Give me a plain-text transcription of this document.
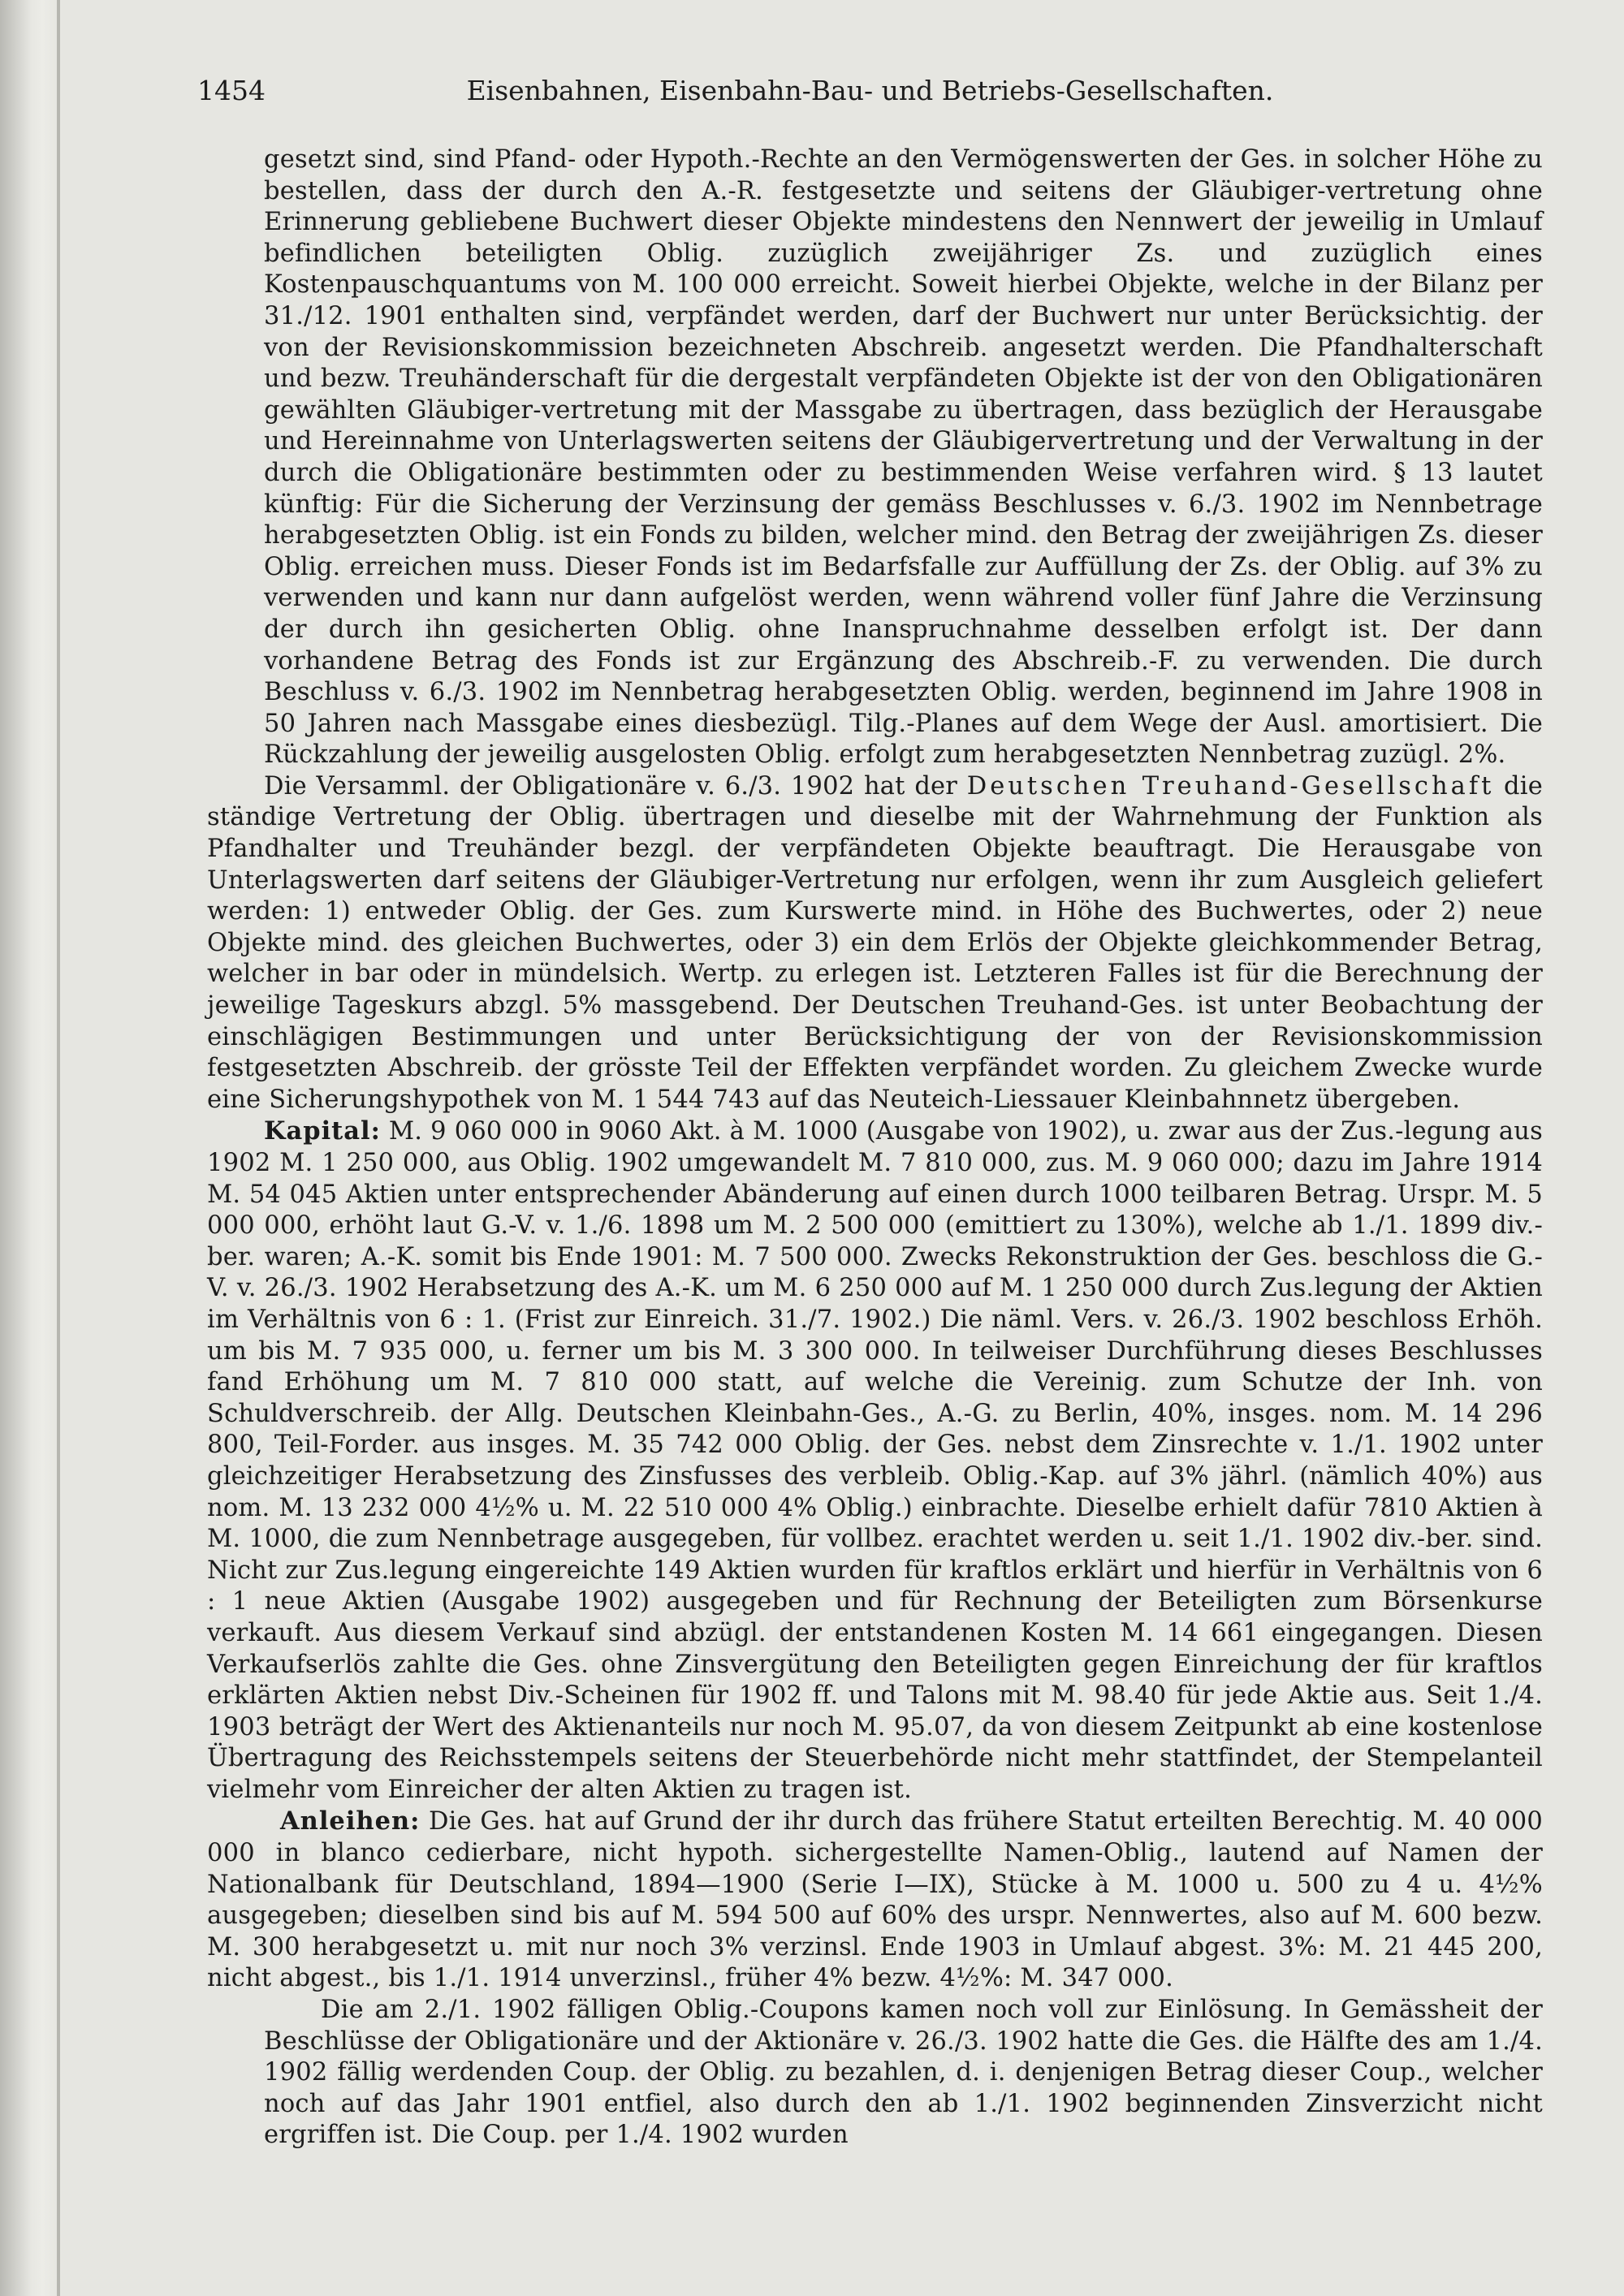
1454	Eisenbahnen, Eisenbahn-Bau- und Betriebs-Gesellschaften.

gesetzt sind, sind Pfand- oder Hypoth.-Rechte an den Vermögenswerten der Ges. in solcher Höhe zu bestellen, dass der durch den A.-R. festgesetzte und seitens der Gläubiger-vertretung ohne Erinnerung gebliebene Buchwert dieser Objekte mindestens den Nennwert der jeweilig in Umlauf befindlichen beteiligten Oblig. zuzüglich zweijähriger Zs. und zuzüglich eines Kostenpauschquantums von M. 100 000 erreicht. Soweit hierbei Objekte, welche in der Bilanz per 31./12. 1901 enthalten sind, verpfändet werden, darf der Buchwert nur unter Berücksichtig. der von der Revisionskommission bezeichneten Abschreib. angesetzt werden. Die Pfandhalterschaft und bezw. Treuhänderschaft für die dergestalt verpfändeten Objekte ist der von den Obligationären gewählten Gläubiger-vertretung mit der Massgabe zu übertragen, dass bezüglich der Herausgabe und Hereinnahme von Unterlagswerten seitens der Gläubigervertretung und der Verwaltung in der durch die Obligationäre bestimmten oder zu bestimmenden Weise verfahren wird. § 13 lautet künftig: Für die Sicherung der Verzinsung der gemäss Beschlusses v. 6./3. 1902 im Nennbetrage herabgesetzten Oblig. ist ein Fonds zu bilden, welcher mind. den Betrag der zweijährigen Zs. dieser Oblig. erreichen muss. Dieser Fonds ist im Bedarfsfalle zur Auffüllung der Zs. der Oblig. auf 3% zu verwenden und kann nur dann aufgelöst werden, wenn während voller fünf Jahre die Verzinsung der durch ihn gesicherten Oblig. ohne Inanspruchnahme desselben erfolgt ist. Der dann vorhandene Betrag des Fonds ist zur Ergänzung des Abschreib.-F. zu verwenden. Die durch Beschluss v. 6./3. 1902 im Nennbetrag herabgesetzten Oblig. werden, beginnend im Jahre 1908 in 50 Jahren nach Massgabe eines diesbezügl. Tilg.-Planes auf dem Wege der Ausl. amortisiert. Die Rückzahlung der jeweilig ausgelosten Oblig. erfolgt zum herabgesetzten Nennbetrag zuzügl. 2%.

Die Versamml. der Obligationäre v. 6./3. 1902 hat der Deutschen Treuhand-Gesellschaft die ständige Vertretung der Oblig. übertragen und dieselbe mit der Wahrnehmung der Funktion als Pfandhalter und Treuhänder bezgl. der verpfändeten Objekte beauftragt. Die Herausgabe von Unterlagswerten darf seitens der Gläubiger-Vertretung nur erfolgen, wenn ihr zum Ausgleich geliefert werden: 1) entweder Oblig. der Ges. zum Kurswerte mind. in Höhe des Buchwertes, oder 2) neue Objekte mind. des gleichen Buchwertes, oder 3) ein dem Erlös der Objekte gleichkommender Betrag, welcher in bar oder in mündelsich. Wertp. zu erlegen ist. Letzteren Falles ist für die Berechnung der jeweilige Tageskurs abzgl. 5% massgebend. Der Deutschen Treuhand-Ges. ist unter Beobachtung der einschlägigen Bestimmungen und unter Berücksichtigung der von der Revisionskommission festgesetzten Abschreib. der grösste Teil der Effekten verpfändet worden. Zu gleichem Zwecke wurde eine Sicherungshypothek von M. 1 544 743 auf das Neuteich-Liessauer Kleinbahnnetz übergeben.

Kapital: M. 9 060 000 in 9060 Akt. à M. 1000 (Ausgabe von 1902), u. zwar aus der Zus.-legung aus 1902 M. 1 250 000, aus Oblig. 1902 umgewandelt M. 7 810 000, zus. M. 9 060 000; dazu im Jahre 1914 M. 54 045 Aktien unter entsprechender Abänderung auf einen durch 1000 teilbaren Betrag. Urspr. M. 5 000 000, erhöht laut G.-V. v. 1./6. 1898 um M. 2 500 000 (emittiert zu 130%), welche ab 1./1. 1899 div.-ber. waren; A.-K. somit bis Ende 1901: M. 7 500 000. Zwecks Rekonstruktion der Ges. beschloss die G.-V. v. 26./3. 1902 Herabsetzung des A.-K. um M. 6 250 000 auf M. 1 250 000 durch Zus.legung der Aktien im Verhältnis von 6 : 1. (Frist zur Einreich. 31./7. 1902.) Die näml. Vers. v. 26./3. 1902 beschloss Erhöh. um bis M. 7 935 000, u. ferner um bis M. 3 300 000. In teilweiser Durchführung dieses Beschlusses fand Erhöhung um M. 7 810 000 statt, auf welche die Vereinig. zum Schutze der Inh. von Schuldverschreib. der Allg. Deutschen Kleinbahn-Ges., A.-G. zu Berlin, 40%, insges. nom. M. 14 296 800, Teil-Forder. aus insges. M. 35 742 000 Oblig. der Ges. nebst dem Zinsrechte v. 1./1. 1902 unter gleichzeitiger Herabsetzung des Zinsfusses des verbleib. Oblig.-Kap. auf 3% jährl. (nämlich 40%) aus nom. M. 13 232 000 4½% u. M. 22 510 000 4% Oblig.) einbrachte. Dieselbe erhielt dafür 7810 Aktien à M. 1000, die zum Nennbetrage ausgegeben, für vollbez. erachtet werden u. seit 1./1. 1902 div.-ber. sind. Nicht zur Zus.legung eingereichte 149 Aktien wurden für kraftlos erklärt und hierfür in Verhältnis von 6 : 1 neue Aktien (Ausgabe 1902) ausgegeben und für Rechnung der Beteiligten zum Börsenkurse verkauft. Aus diesem Verkauf sind abzügl. der entstandenen Kosten M. 14 661 eingegangen. Diesen Verkaufserlös zahlte die Ges. ohne Zinsvergütung den Beteiligten gegen Einreichung der für kraftlos erklärten Aktien nebst Div.-Scheinen für 1902 ff. und Talons mit M. 98.40 für jede Aktie aus. Seit 1./4. 1903 beträgt der Wert des Aktienanteils nur noch M. 95.07, da von diesem Zeitpunkt ab eine kostenlose Übertragung des Reichsstempels seitens der Steuerbehörde nicht mehr stattfindet, der Stempelanteil vielmehr vom Einreicher der alten Aktien zu tragen ist.

Anleihen: Die Ges. hat auf Grund der ihr durch das frühere Statut erteilten Berechtig. M. 40 000 000 in blanco cedierbare, nicht hypoth. sichergestellte Namen-Oblig., lautend auf Namen der Nationalbank für Deutschland, 1894—1900 (Serie I—IX), Stücke à M. 1000 u. 500 zu 4 u. 4½% ausgegeben; dieselben sind bis auf M. 594 500 auf 60% des urspr. Nennwertes, also auf M. 600 bezw. M. 300 herabgesetzt u. mit nur noch 3% verzinsl. Ende 1903 in Umlauf abgest. 3%: M. 21 445 200, nicht abgest., bis 1./1. 1914 unverzinsl., früher 4% bezw. 4½%: M. 347 000.

Die am 2./1. 1902 fälligen Oblig.-Coupons kamen noch voll zur Einlösung. In Gemässheit der Beschlüsse der Obligationäre und der Aktionäre v. 26./3. 1902 hatte die Ges. die Hälfte des am 1./4. 1902 fällig werdenden Coup. der Oblig. zu bezahlen, d. i. denjenigen Betrag dieser Coup., welcher noch auf das Jahr 1901 entfiel, also durch den ab 1./1. 1902 beginnenden Zinsverzicht nicht ergriffen ist. Die Coup. per 1./4. 1902 wurden
